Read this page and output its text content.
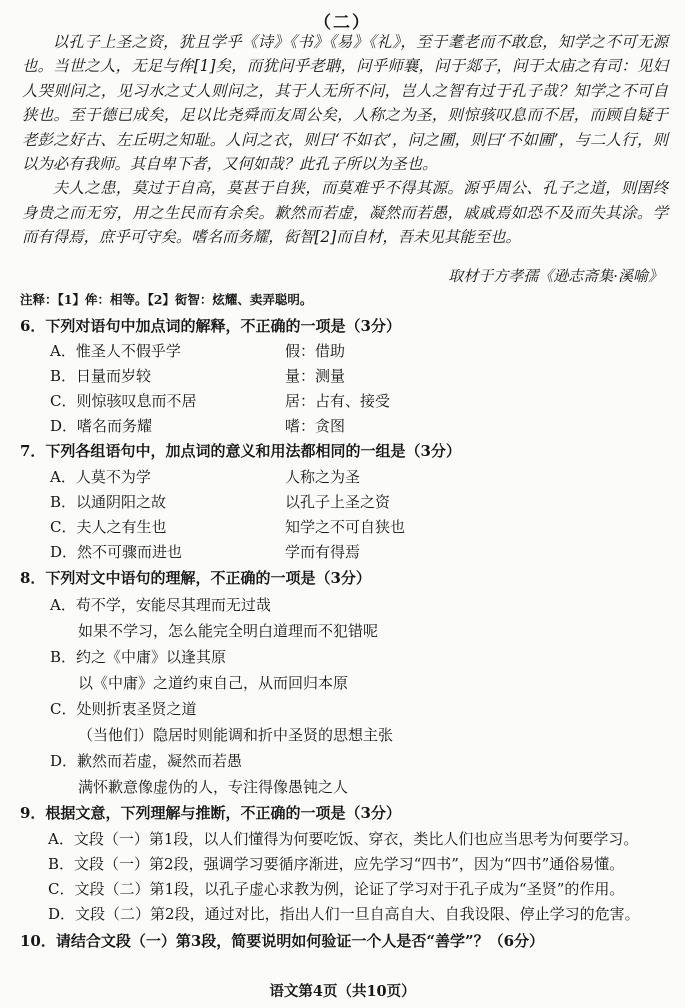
（二）

以孔子上圣之资，犹且学乎《诗》《书》《易》《礼》，至于耄老而不敢怠，知学之不可无源也。当世之人，无足与侔[1]矣，而犹问乎老聃，问乎师襄，问于郯子，问于太庙之有司：见妇人哭则问之，见习水之丈人则问之，其于人无所不问，岂人之智有过于孔子哉？知学之不可自狭也。至于德已成矣，足以比尧舜而友周公矣，人称之为圣，则惊骇叹息而不居，而顾自疑于老彭之好古、左丘明之知耻。人问之衣，则曰‘不如衣’，问之圃，则曰‘不如圃’，与二人行，则以为必有我师。其自卑下者，又何如哉？此孔子所以为圣也。

夫人之患，莫过于自高，莫甚于自狭，而莫难乎不得其源。源乎周公、孔子之道，则圉终身贵之而无穷，用之生民而有余矣。歉然而若虚，凝然而若愚，戚戚焉如恐不及而失其涂。学而有得焉，庶乎可守矣。嗜名而务耀，衒智[2]而自材，吾未见其能至也。

取材于方孝孺《逊志斋集·溪喻》
注释：【1】侔：相等。【2】衒智：炫耀、卖弄聪明。
6．下列对语句中加点词的解释，不正确的一项是（3分）
A．惟圣人不假乎学	假：借助
B．日量而岁较	量：测量
C．则惊骇叹息而不居	居：占有、接受
D．嗜名而务耀	嗜：贪图
7．下列各组语句中，加点词的意义和用法都相同的一组是（3分）
A．人莫不为学	人称之为圣
B．以通阴阳之故	以孔子上圣之资
C．夫人之有生也	知学之不可自狭也
D．然不可骤而进也	学而有得焉
8．下列对文中语句的理解，不正确的一项是（3分）
A．苟不学，安能尽其理而无过哉
如果不学习，怎么能完全明白道理而不犯错呢
B．约之《中庸》以逢其原
以《中庸》之道约束自己，从而回归本原
C．处则折衷圣贤之道
（当他们）隐居时则能调和折中圣贤的思想主张
D．歉然而若虚，凝然而若愚
满怀歉意像虚伪的人，专注得像愚钝之人
9．根据文意，下列理解与推断，不正确的一项是（3分）
A．文段（一）第1段，以人们懂得为何要吃饭、穿衣，类比人们也应当思考为何要学习。
B．文段（一）第2段，强调学习要循序渐进，应先学习“四书”，因为“四书”通俗易懂。
C．文段（二）第1段，以孔子虚心求教为例，论证了学习对于孔子成为“圣贤”的作用。
D．文段（二）第2段，通过对比，指出人们一旦自高自大、自我设限、停止学习的危害。
10．请结合文段（一）第3段，简要说明如何验证一个人是否“善学”？（6分）
语文第4页（共10页）
